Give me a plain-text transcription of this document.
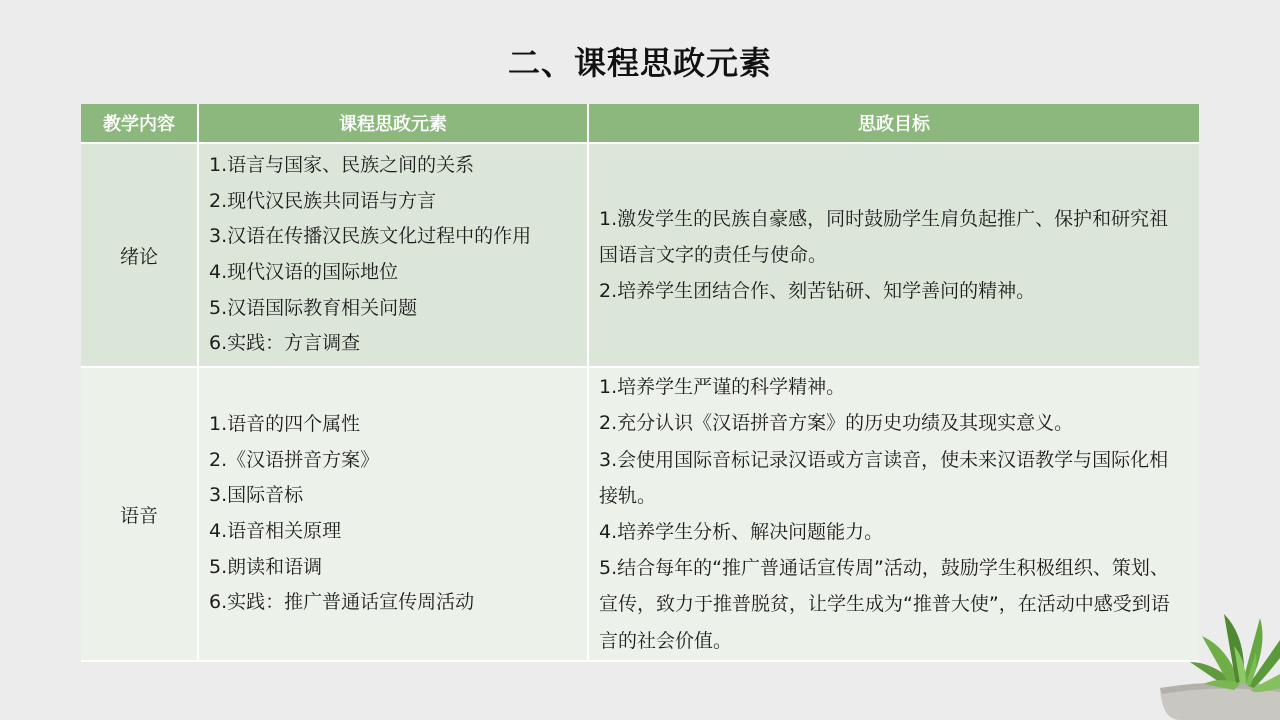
二、课程思政元素
教学内容	课程思政元素	思政目标
绪论
1.语言与国家、民族之间的关系
2.现代汉民族共同语与方言
3.汉语在传播汉民族文化过程中的作用
4.现代汉语的国际地位
5.汉语国际教育相关问题
6.实践：方言调查
1.激发学生的民族自豪感，同时鼓励学生肩负起推广、保护和研究祖国语言文字的责任与使命。
2.培养学生团结合作、刻苦钻研、知学善问的精神。
语音
1.语音的四个属性
2.《汉语拼音方案》
3.国际音标
4.语音相关原理
5.朗读和语调
6.实践：推广普通话宣传周活动
1.培养学生严谨的科学精神。
2.充分认识《汉语拼音方案》的历史功绩及其现实意义。
3.会使用国际音标记录汉语或方言读音，使未来汉语教学与国际化相接轨。
4.培养学生分析、解决问题能力。
5.结合每年的“推广普通话宣传周”活动，鼓励学生积极组织、策划、宣传，致力于推普脱贫，让学生成为“推普大使”，在活动中感受到语言的社会价值。
